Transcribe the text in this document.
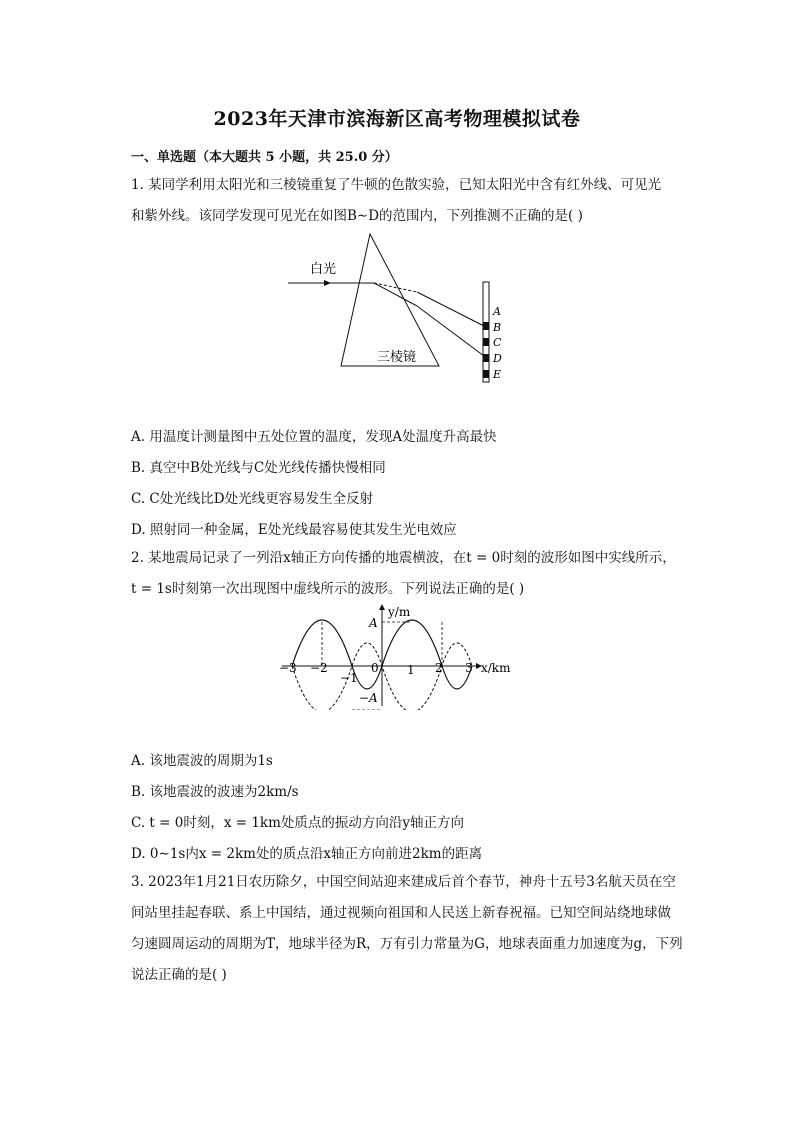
2023年天津市滨海新区高考物理模拟试卷
一、单选题（本大题共 5 小题，共 25.0 分）
1. 某同学利用太阳光和三棱镜重复了牛顿的色散实验，已知太阳光中含有红外线、可见光
和紫外线。该同学发现可见光在如图B∼D的范围内，下列推测不正确的是( )
白光
三棱镜
A
B
C
D
E
A. 用温度计测量图中五处位置的温度，发现A处温度升高最快
B. 真空中B处光线与C处光线传播快慢相同
C. C处光线比D处光线更容易发生全反射
D. 照射同一种金属，E处光线最容易使其发生光电效应
2. 某地震局记录了一列沿x轴正方向传播的地震横波，在t = 0时刻的波形如图中实线所示，
t = 1s时刻第一次出现图中虚线所示的波形。下列说法正确的是( )
y/m
x/km
A
−A
−3 −2
−1
0 1 2 3
A. 该地震波的周期为1s
B. 该地震波的波速为2km/s
C. t = 0时刻，x = 1km处质点的振动方向沿y轴正方向
D. 0∼1s内x = 2km处的质点沿x轴正方向前进2km的距离
3. 2023年1月21日农历除夕，中国空间站迎来建成后首个春节，神舟十五号3名航天员在空
间站里挂起春联、系上中国结，通过视频向祖国和人民送上新春祝福。已知空间站绕地球做
匀速圆周运动的周期为T，地球半径为R，万有引力常量为G，地球表面重力加速度为g，下列
说法正确的是( )
